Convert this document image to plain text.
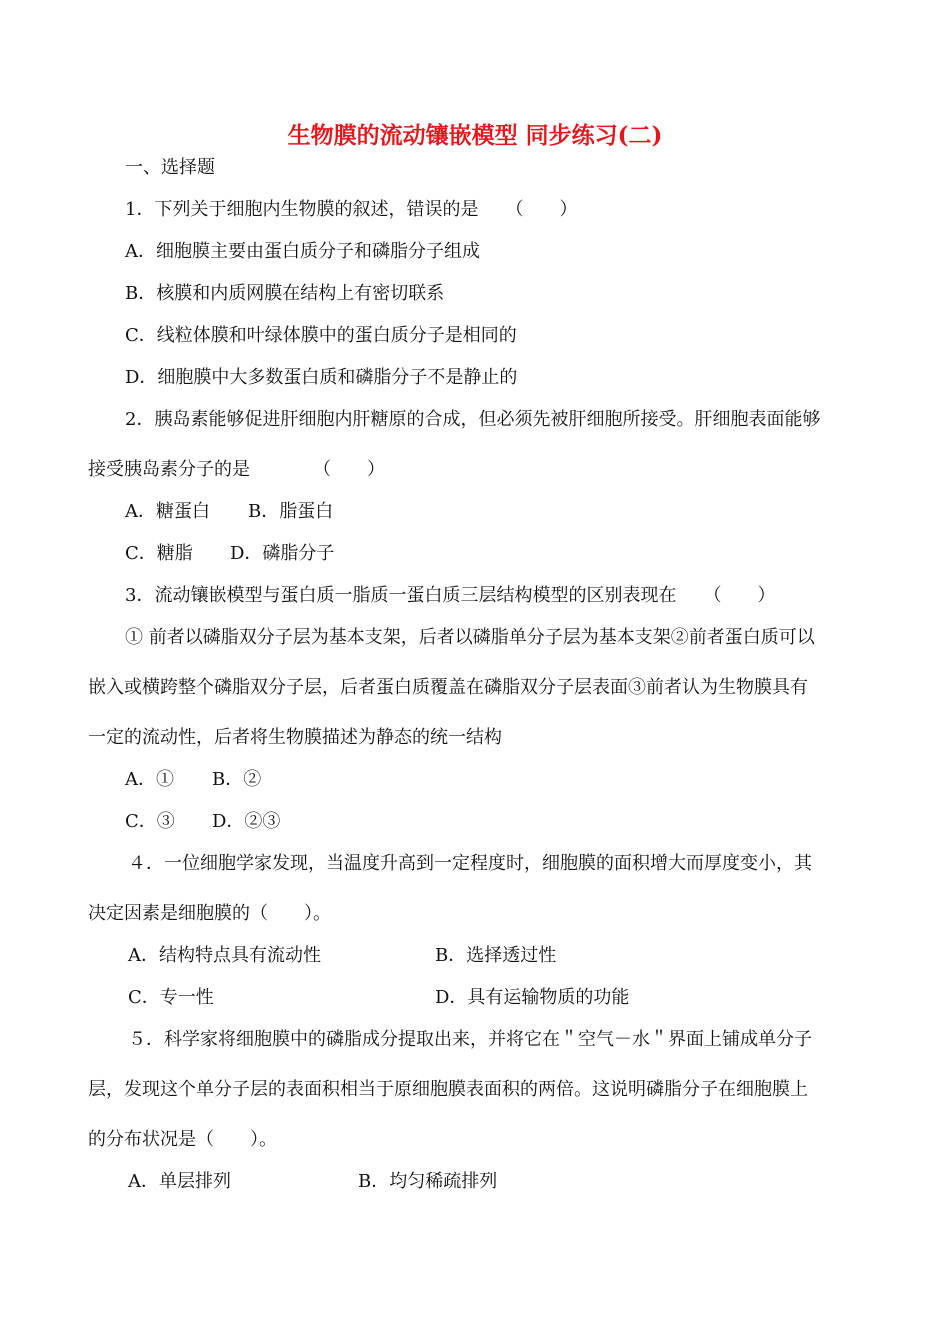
生物膜的流动镶嵌模型 同步练习(二)
一、选择题
1．下列关于细胞内生物膜的叙述，错误的是　　（　　）
A．细胞膜主要由蛋白质分子和磷脂分子组成
B．核膜和内质网膜在结构上有密切联系
C．线粒体膜和叶绿体膜中的蛋白质分子是相同的
D．细胞膜中大多数蛋白质和磷脂分子不是静止的
2．胰岛素能够促进肝细胞内肝糖原的合成，但必须先被肝细胞所接受。肝细胞表面能够
接受胰岛素分子的是　　　　（　　）
A．糖蛋白 B．脂蛋白
C．糖脂 D．磷脂分子
3．流动镶嵌模型与蛋白质一脂质一蛋白质三层结构模型的区别表现在　　（　　）
① 前者以磷脂双分子层为基本支架，后者以磷脂单分子层为基本支架②前者蛋白质可以
嵌入或横跨整个磷脂双分子层，后者蛋白质覆盖在磷脂双分子层表面③前者认为生物膜具有
一定的流动性，后者将生物膜描述为静态的统一结构
A．① B．②
C．③ D．②③
４．一位细胞学家发现，当温度升高到一定程度时，细胞膜的面积增大而厚度变小，其
决定因素是细胞膜的（　　）。
A．结构特点具有流动性	B．选择透过性
C．专一性	D．具有运输物质的功能
５．科学家将细胞膜中的磷脂成分提取出来，并将它在＂空气－水＂界面上铺成单分子
层，发现这个单分子层的表面积相当于原细胞膜表面积的两倍。这说明磷脂分子在细胞膜上
的分布状况是（　　）。
A．单层排列	B．均匀稀疏排列
